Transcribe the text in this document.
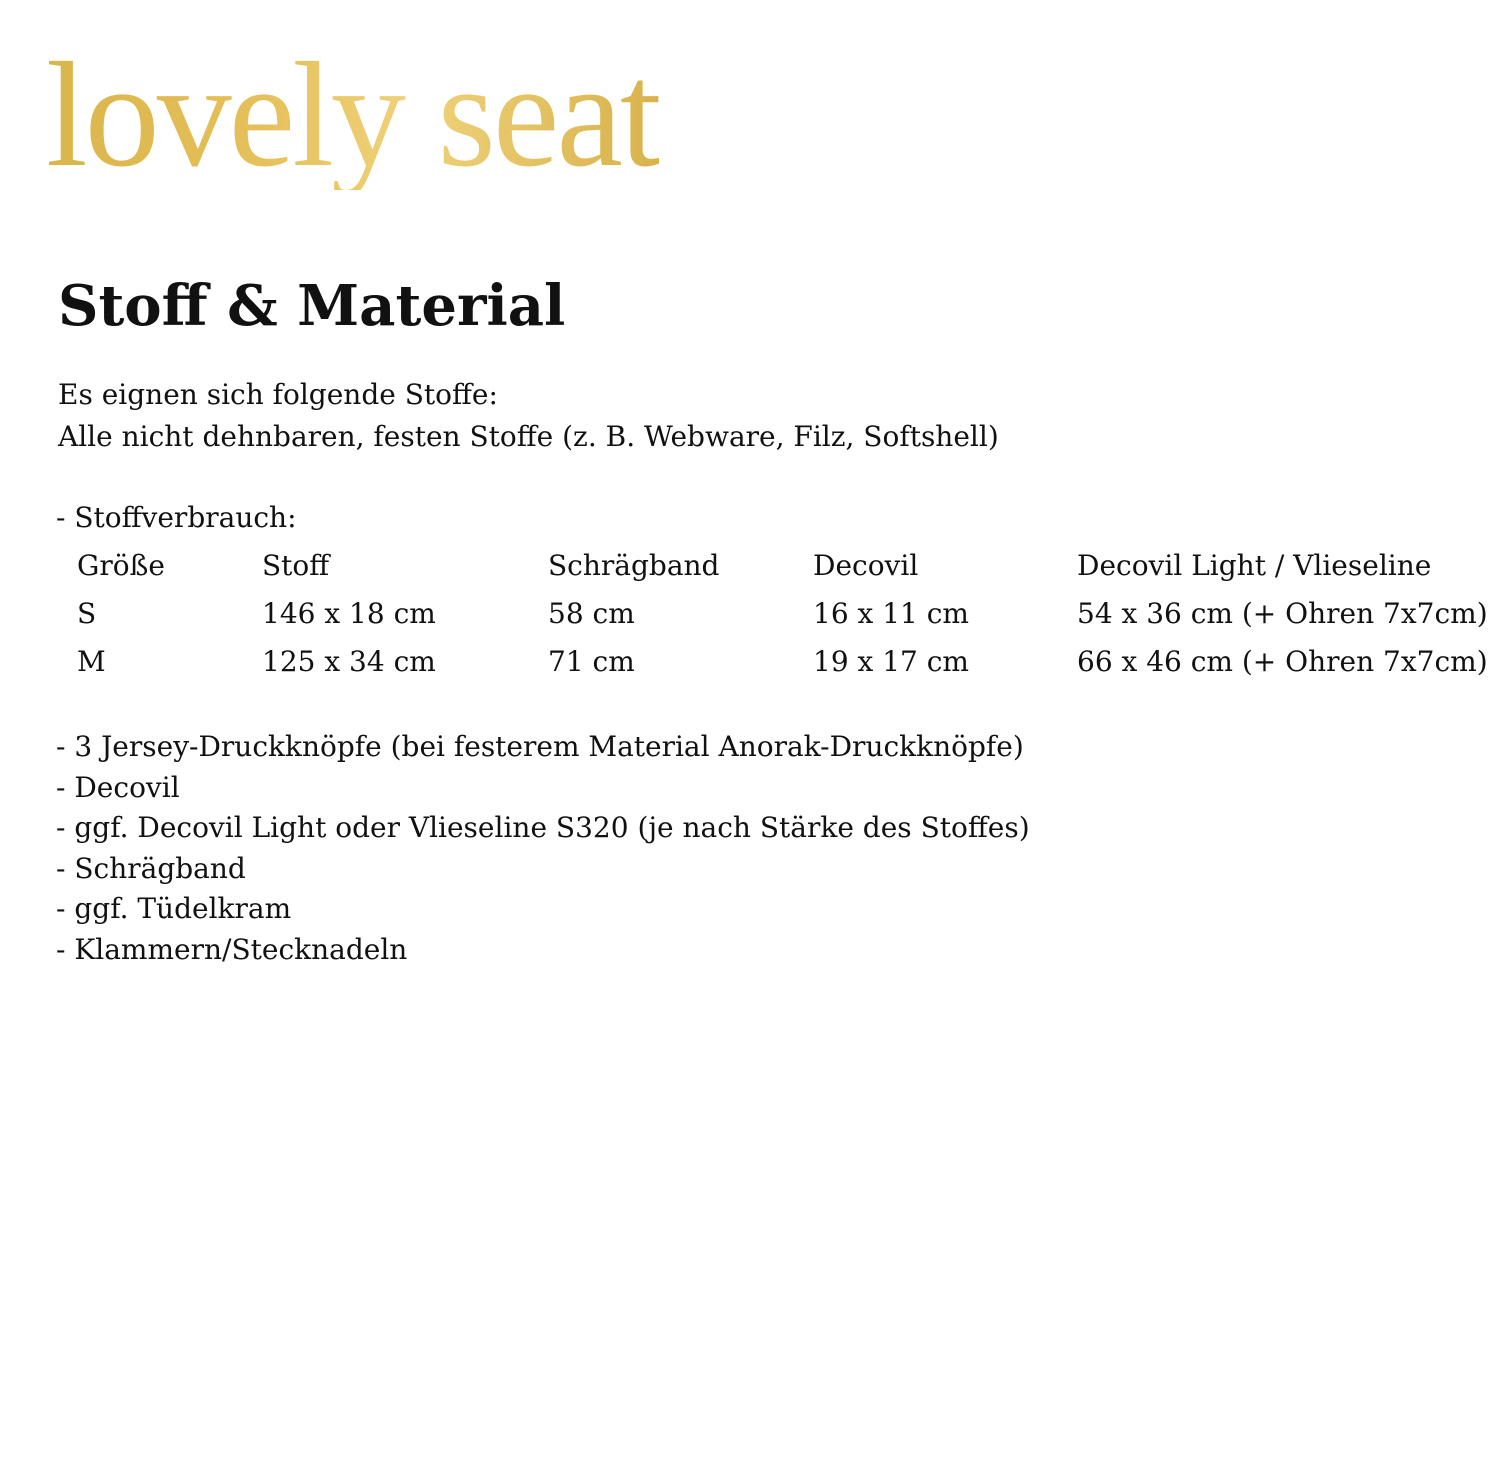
lovely seat
Stoff & Material
Es eignen sich folgende Stoffe:
Alle nicht dehnbaren, festen Stoffe (z. B. Webware, Filz, Softshell)
- Stoffverbrauch:
Größe	Stoff	Schrägband	Decovil	Decovil Light / Vlieseline
S	146 x 18 cm	58 cm	16 x 11 cm	54 x 36 cm (+ Ohren 7x7cm)
M	125 x 34 cm	71 cm	19 x 17 cm	66 x 46 cm (+ Ohren 7x7cm)
- 3 Jersey-Druckknöpfe (bei festerem Material Anorak-Druckknöpfe)
- Decovil
- ggf. Decovil Light oder Vlieseline S320 (je nach Stärke des Stoffes)
- Schrägband
- ggf. Tüdelkram
- Klammern/Stecknadeln
